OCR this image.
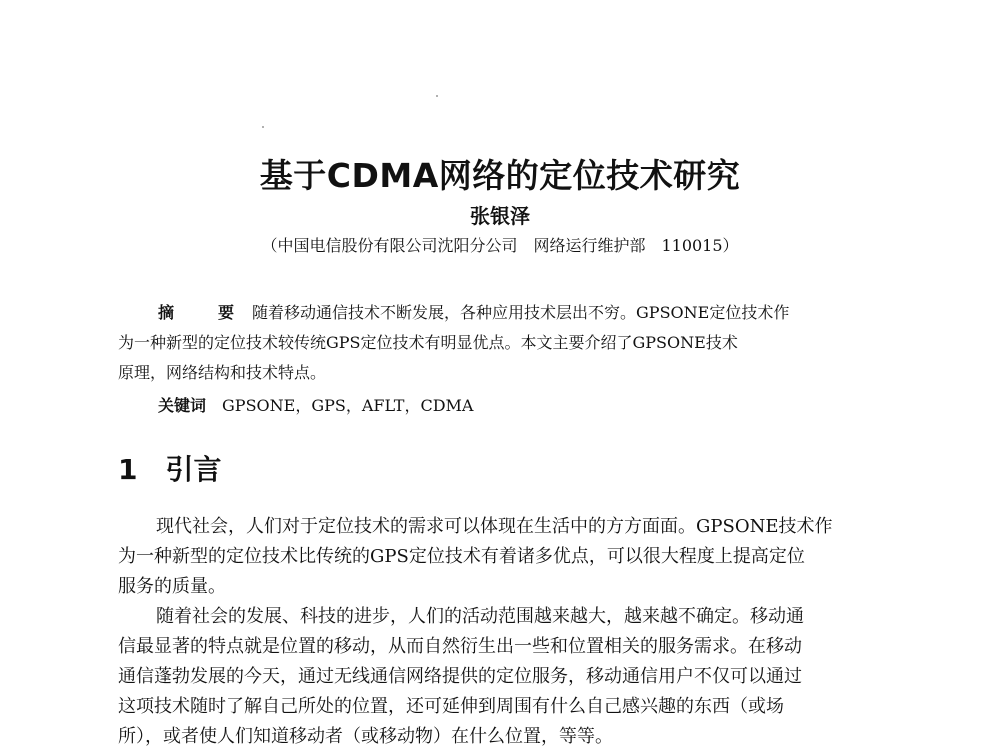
基于CDMA网络的定位技术研究
张银泽
（中国电信股份有限公司沈阳分公司　网络运行维护部　110015）
摘　要 随着移动通信技术不断发展，各种应用技术层出不穷。GPSONE定位技术作
为一种新型的定位技术较传统GPS定位技术有明显优点。本文主要介绍了GPSONE技术
原理，网络结构和技术特点。
关键词 GPSONE，GPS，AFLT，CDMA
1 引言
现代社会，人们对于定位技术的需求可以体现在生活中的方方面面。GPSONE技术作
为一种新型的定位技术比传统的GPS定位技术有着诸多优点，可以很大程度上提高定位
服务的质量。
随着社会的发展、科技的进步，人们的活动范围越来越大，越来越不确定。移动通
信最显著的特点就是位置的移动，从而自然衍生出一些和位置相关的服务需求。在移动
通信蓬勃发展的今天，通过无线通信网络提供的定位服务，移动通信用户不仅可以通过
这项技术随时了解自己所处的位置，还可延伸到周围有什么自己感兴趣的东西（或场
所），或者使人们知道移动者（或移动物）在什么位置，等等。
